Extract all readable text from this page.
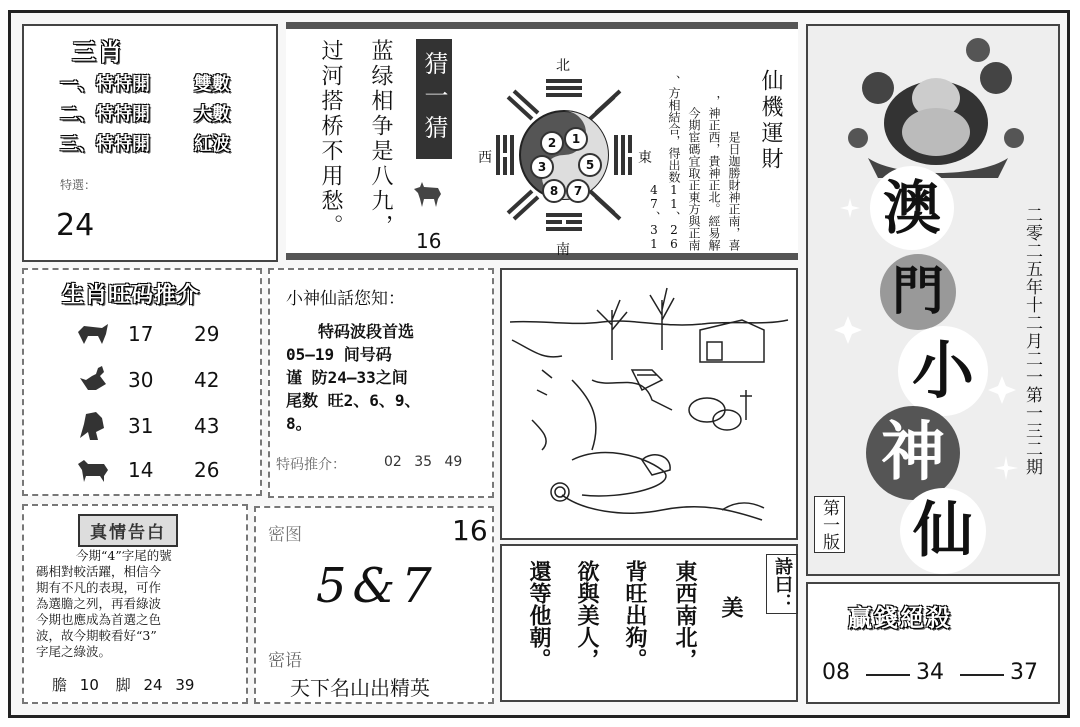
三肖
一、特特開 雙數
二、特特開 大數
三、特特開 紅波
特選：
24	蓝绿相争是八九，
过河搭桥不用愁。	猜一猜
16
北
南
東
西
2	1
3	5
8	7	是日迦勝財神正南，喜
神正西，貴神正北。經易解，
今期宦碼宜取正東方與正南
方相結合，得出数11、26、
31、47
仙機運財
生肖旺码推介
17 29
30 42
31 43
14 26
小神仙話您知：
特码波段首选
05—19 间号码
谨 防24—33之间
尾数 旺2、6、9、
8。
特码推介：	02 35 49
密图	16
5&7
密语
天下名山出精英
真情告白
今期“4”字尾的號
碼相對較活躍，相信今
期有不凡的表現，可作
為選膽之列，再看綠波
今期也應成為首選之色
波，故今期較看好“3”
字尾之綠波。
膽 10 脚 24 39
詩曰：
美
東西南北，
背旺出狗。
欲與美人，
還等他朝。
澳
門
小
神
仙
二零二五年十二月二一第一三二期
第一版
贏錢絕殺
08	34	37
